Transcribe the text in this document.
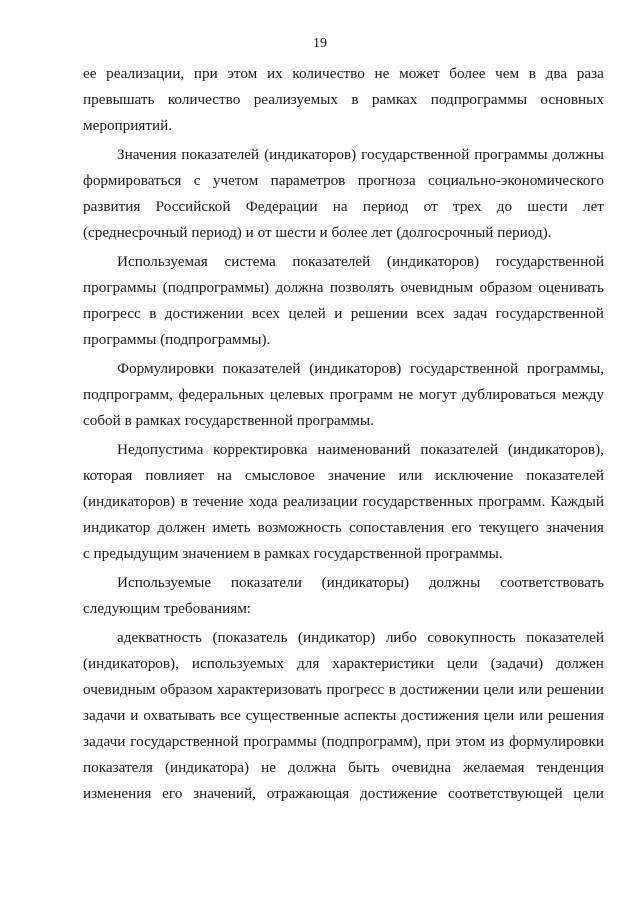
19
ее реализации, при этом их количество не может более чем в два раза
превышать количество реализуемых в рамках подпрограммы основных
мероприятий.
Значения показателей (индикаторов) государственной программы должны
формироваться с учетом параметров прогноза социально-экономического
развития Российской Федерации на период от трех до шести лет
(среднесрочный период) и от шести и более лет (долгосрочный период).
Используемая система показателей (индикаторов) государственной
программы (подпрограммы) должна позволять очевидным образом оценивать
прогресс в достижении всех целей и решении всех задач государственной
программы (подпрограммы).
Формулировки показателей (индикаторов) государственной программы,
подпрограмм, федеральных целевых программ не могут дублироваться между
собой в рамках государственной программы.
Недопустима корректировка наименований показателей (индикаторов),
которая повлияет на смысловое значение или исключение показателей
(индикаторов) в течение хода реализации государственных программ. Каждый
индикатор должен иметь возможность сопоставления его текущего значения
с предыдущим значением в рамках государственной программы.
Используемые показатели (индикаторы) должны соответствовать
следующим требованиям:
адекватность (показатель (индикатор) либо совокупность показателей
(индикаторов), используемых для характеристики цели (задачи) должен
очевидным образом характеризовать прогресс в достижении цели или решении
задачи и охватывать все существенные аспекты достижения цели или решения
задачи государственной программы (подпрограмм), при этом из формулировки
показателя (индикатора) не должна быть очевидна желаемая тенденция
изменения его значений, отражающая достижение соответствующей цели
